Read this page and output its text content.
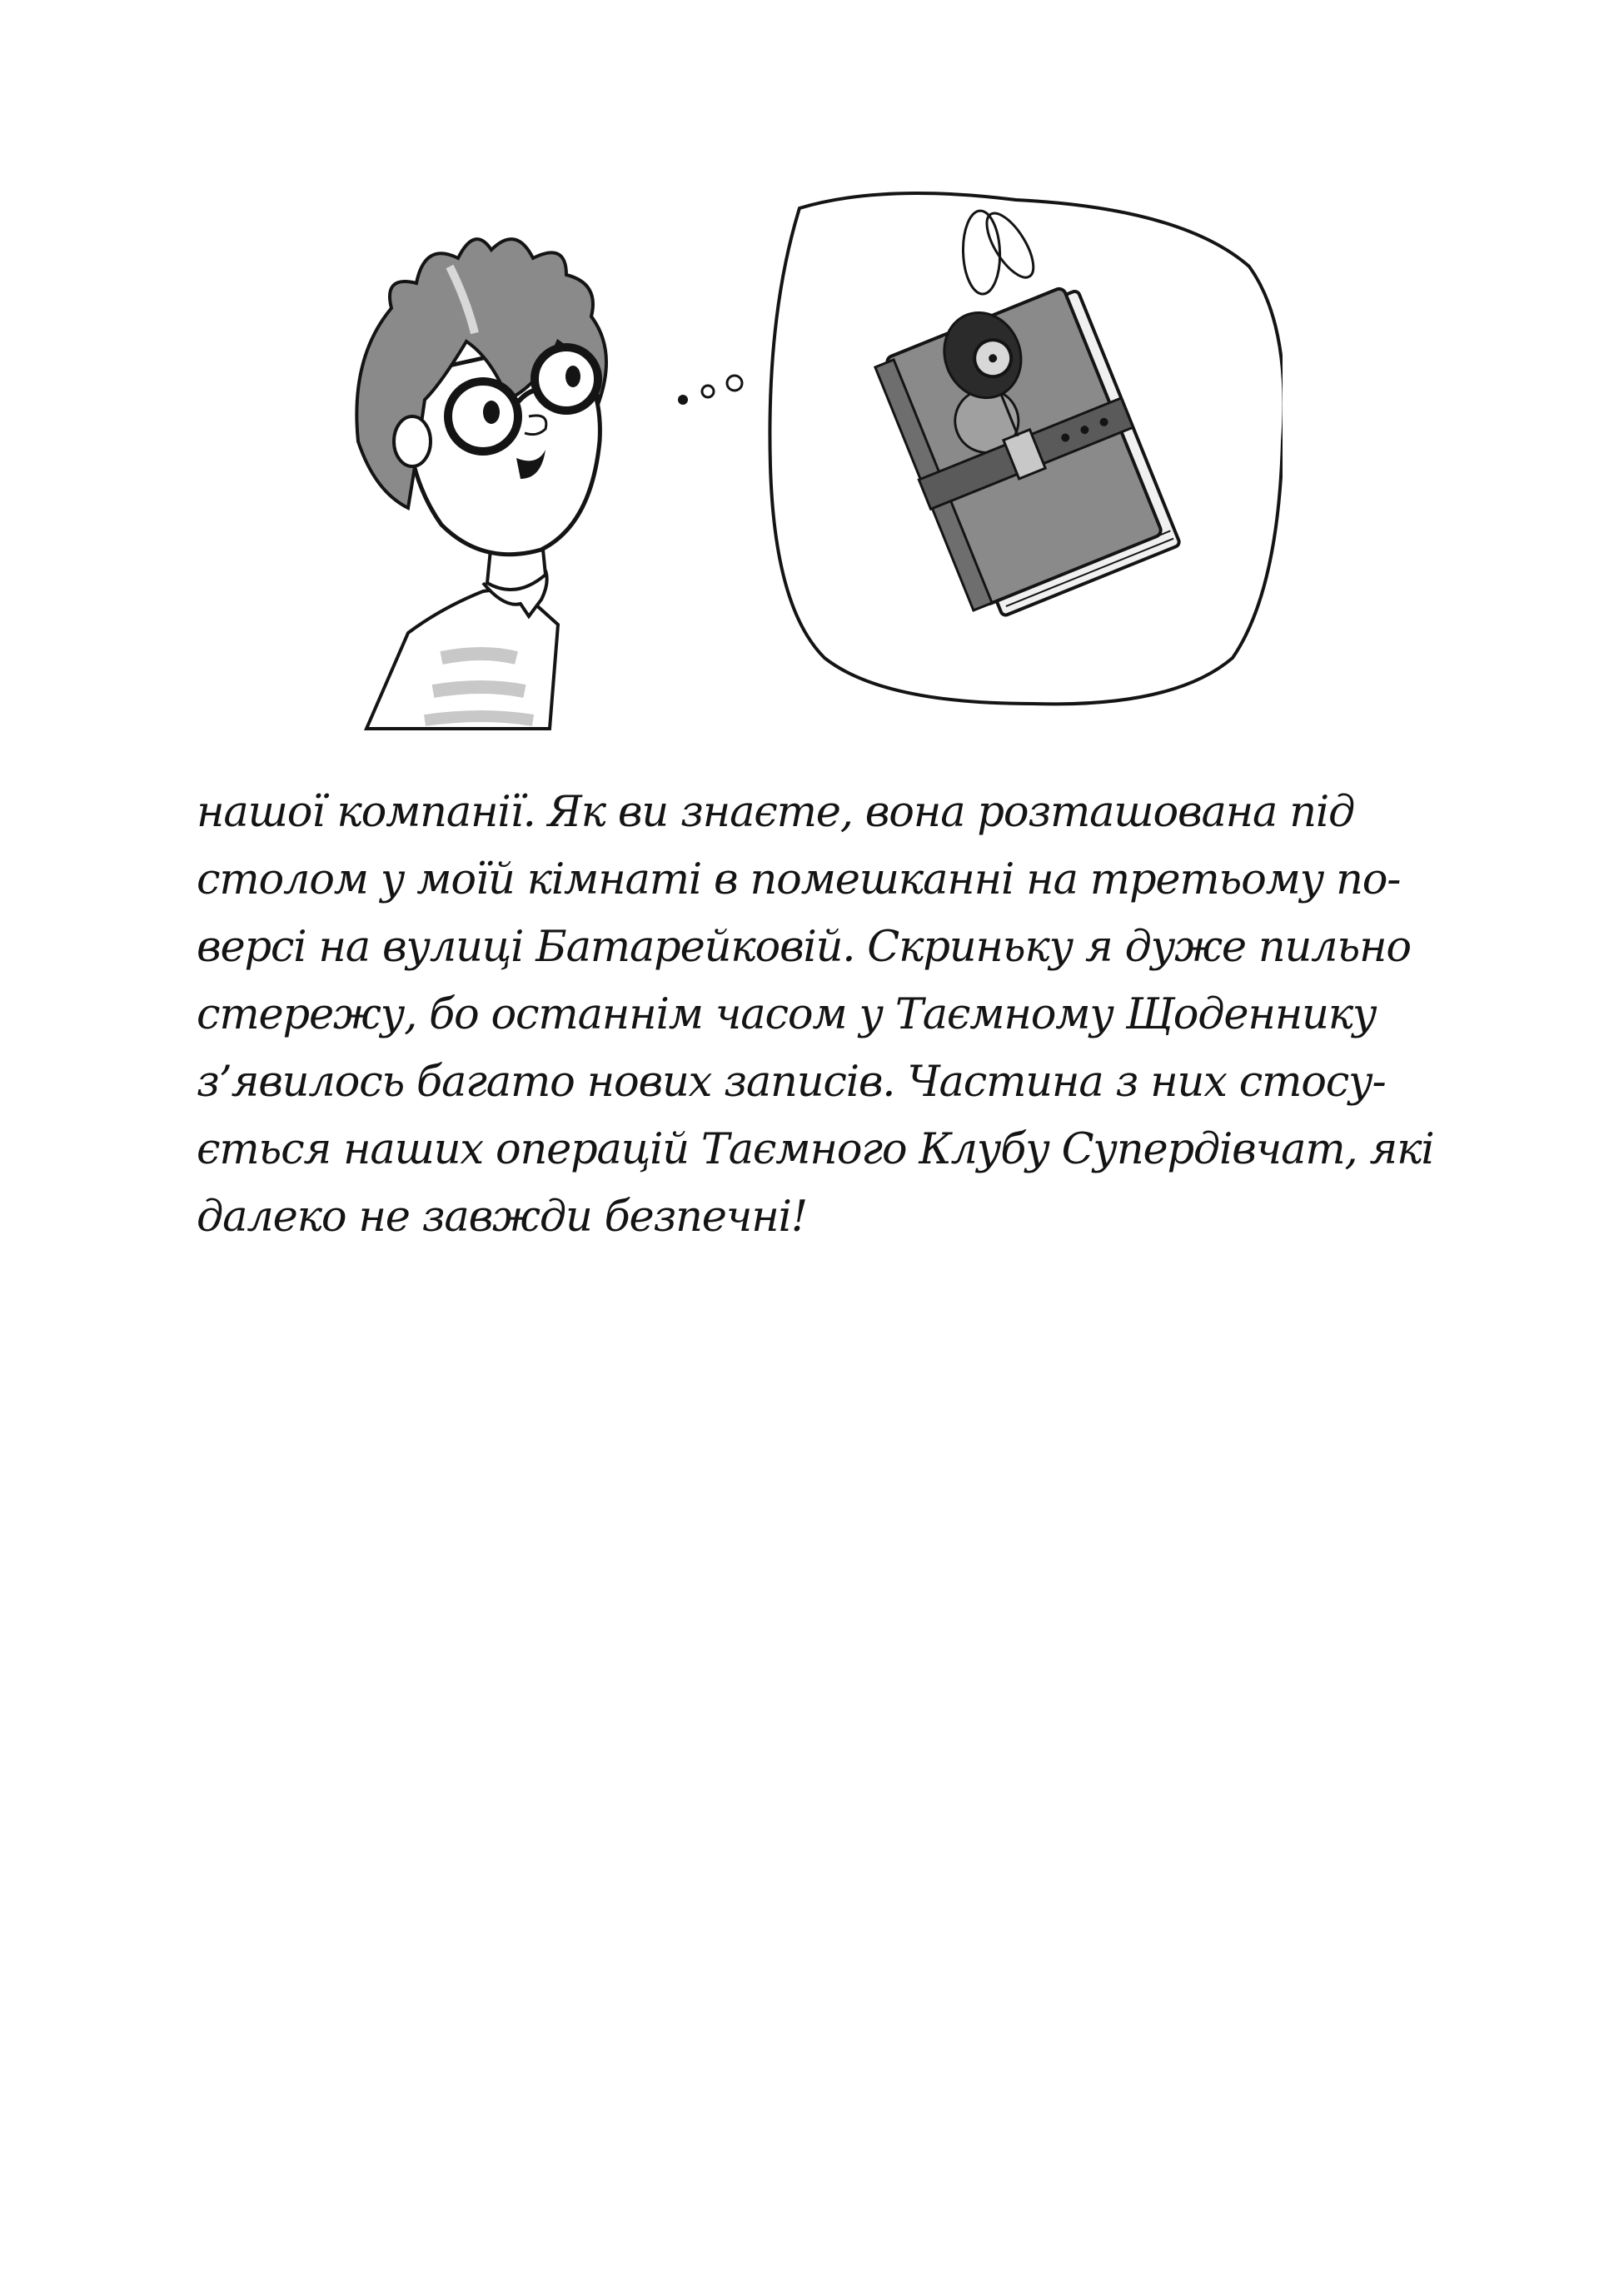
нашої компанії. Як ви знаєте, вона розташована під
столом у моїй кімнаті в помешканні на третьому по-
версі на вулиці Батарейковій. Скриньку я дуже пильно
стережу, бо останнім часом у Таємному Щоденнику
з’явилось багато нових записів. Частина з них стосу-
ється наших операцій Таємного Клубу Супердівчат, які
далеко не завжди безпечні!
